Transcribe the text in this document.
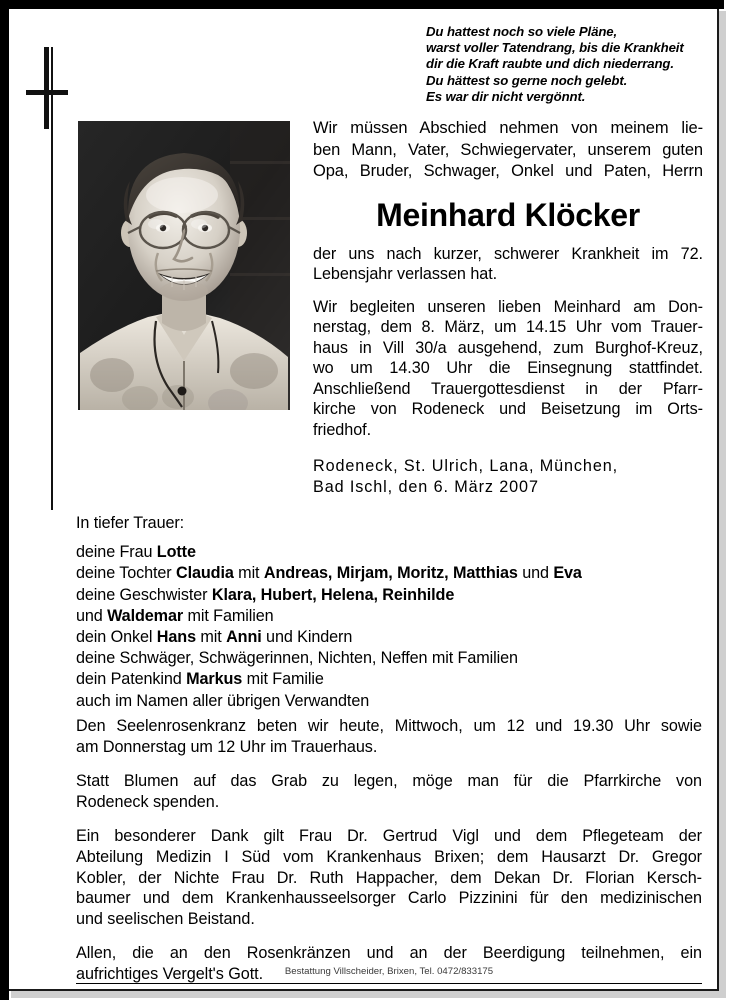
Du hattest noch so viele Pläne,
warst voller Tatendrang, bis die Krankheit
dir die Kraft raubte und dich niederrang.
Du hättest so gerne noch gelebt.
Es war dir nicht vergönnt.
Wir müssen Abschied nehmen von meinem lie-
ben Mann, Vater, Schwiegervater, unserem guten
Opa, Bruder, Schwager, Onkel und Paten, Herrn
Meinhard Klöcker

der uns nach kurzer, schwerer Krankheit im 72.
Lebensjahr verlassen hat.

Wir begleiten unseren lieben Meinhard am Don-
nerstag, dem 8. März, um 14.15 Uhr vom Trauer-
haus in Vill 30/a ausgehend, zum Burghof-Kreuz,
wo um 14.30 Uhr die Einsegnung stattfindet.
Anschließend Trauergottesdienst in der Pfarr-
kirche von Rodeneck und Beisetzung im Orts-
friedhof.

Rodeneck, St. Ulrich, Lana, München,
Bad Ischl, den 6. März 2007
In tiefer Trauer:
deine Frau Lotte
deine Tochter Claudia mit Andreas, Mirjam, Moritz, Matthias und Eva
deine Geschwister Klara, Hubert, Helena, Reinhilde
und Waldemar mit Familien
dein Onkel Hans mit Anni und Kindern
deine Schwäger, Schwägerinnen, Nichten, Neffen mit Familien
dein Patenkind Markus mit Familie
auch im Namen aller übrigen Verwandten

Den Seelenrosenkranz beten wir heute, Mittwoch, um 12 und 19.30 Uhr sowie
am Donnerstag um 12 Uhr im Trauerhaus.

Statt Blumen auf das Grab zu legen, möge man für die Pfarrkirche von
Rodeneck spenden.

Ein besonderer Dank gilt Frau Dr. Gertrud Vigl und dem Pflegeteam der
Abteilung Medizin I Süd vom Krankenhaus Brixen; dem Hausarzt Dr. Gregor
Kobler, der Nichte Frau Dr. Ruth Happacher, dem Dekan Dr. Florian Kersch-
baumer und dem Krankenhausseelsorger Carlo Pizzinini für den medizinischen
und seelischen Beistand.

Allen, die an den Rosenkränzen und an der Beerdigung teilnehmen, ein
aufrichtiges Vergelt's Gott.	Bestattung Villscheider, Brixen, Tel. 0472/833175
